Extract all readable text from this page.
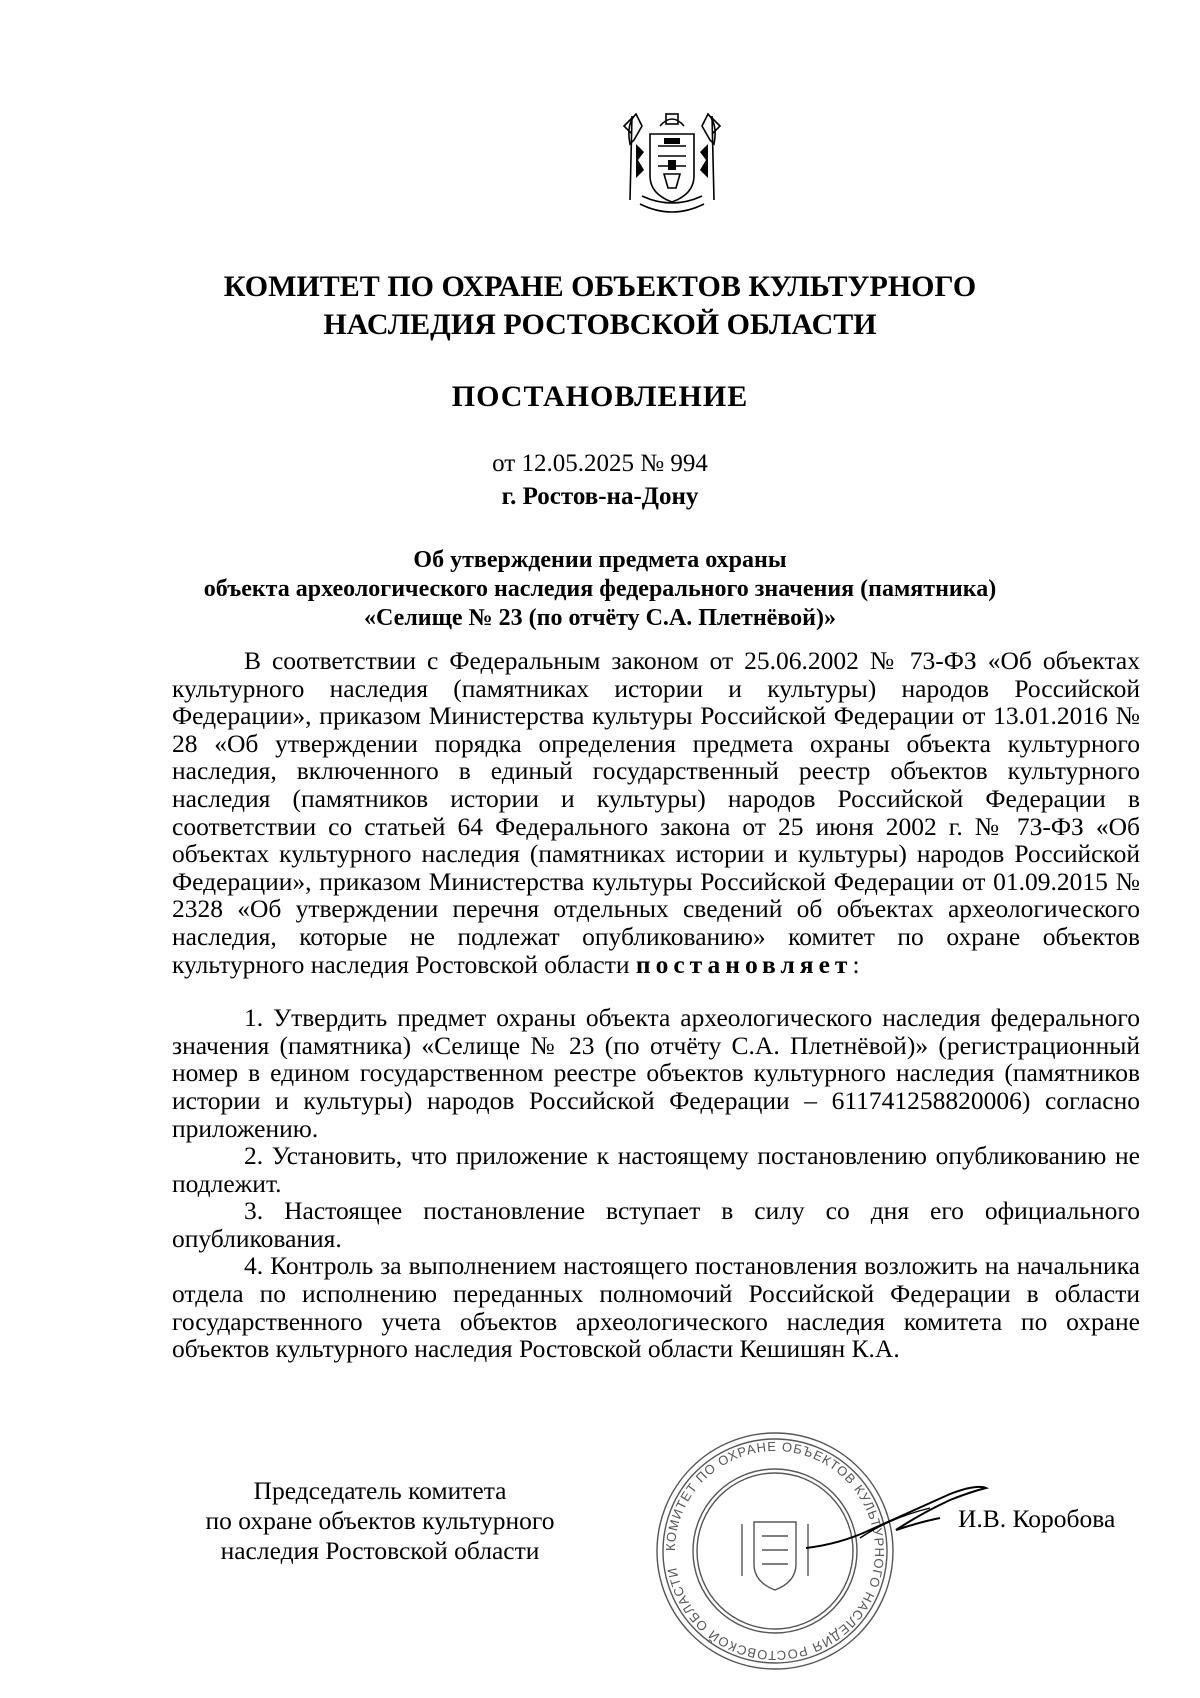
КОМИТЕТ ПО ОХРАНЕ ОБЪЕКТОВ КУЛЬТУРНОГО
НАСЛЕДИЯ РОСТОВСКОЙ ОБЛАСТИ
ПОСТАНОВЛЕНИЕ
от 12.05.2025 № 994
г. Ростов-на-Дону
Об утверждении предмета охраны
объекта археологического наследия федерального значения (памятника)
«Селище № 23 (по отчёту С.А. Плетнёвой)»

В соответствии с Федеральным законом от 25.06.2002 № 73-ФЗ «Об объектах культурного наследия (памятниках истории и культуры) народов Российской Федерации», приказом Министерства культуры Российской Федерации от 13.01.2016 № 28 «Об утверждении порядка определения предмета охраны объекта культурного наследия, включенного в единый государственный реестр объектов культурного наследия (памятников истории и культуры) народов Российской Федерации в соответствии со статьей 64 Федерального закона от 25 июня 2002 г. № 73-ФЗ «Об объектах культурного наследия (памятниках истории и культуры) народов Российской Федерации», приказом Министерства культуры Российской Федерации от 01.09.2015 № 2328 «Об утверждении перечня отдельных сведений об объектах археологического наследия, которые не подлежат опубликованию» комитет по охране объектов культурного наследия Ростовской области постановляет:

1. Утвердить предмет охраны объекта археологического наследия федерального значения (памятника) «Селище № 23 (по отчёту С.А. Плетнёвой)» (регистрационный номер в едином государственном реестре объектов культурного наследия (памятников истории и культуры) народов Российской Федерации – 611741258820006) согласно приложению.

2. Установить, что приложение к настоящему постановлению опубликованию не подлежит.

3. Настоящее постановление вступает в силу со дня его официального опубликования.

4. Контроль за выполнением настоящего постановления возложить на начальника отдела по исполнению переданных полномочий Российской Федерации в области государственного учета объектов археологического наследия комитета по охране объектов культурного наследия Ростовской области Кешишян К.А.

Председатель комитета
по охране объектов культурного
наследия Ростовской области	КОМИТЕТ ПО ОХРАНЕ ОБЪЕКТОВ КУЛЬТУРНОГО НАСЛЕДИЯ РОСТОВСКОЙ ОБЛАСТИ
И.В. Коробова
